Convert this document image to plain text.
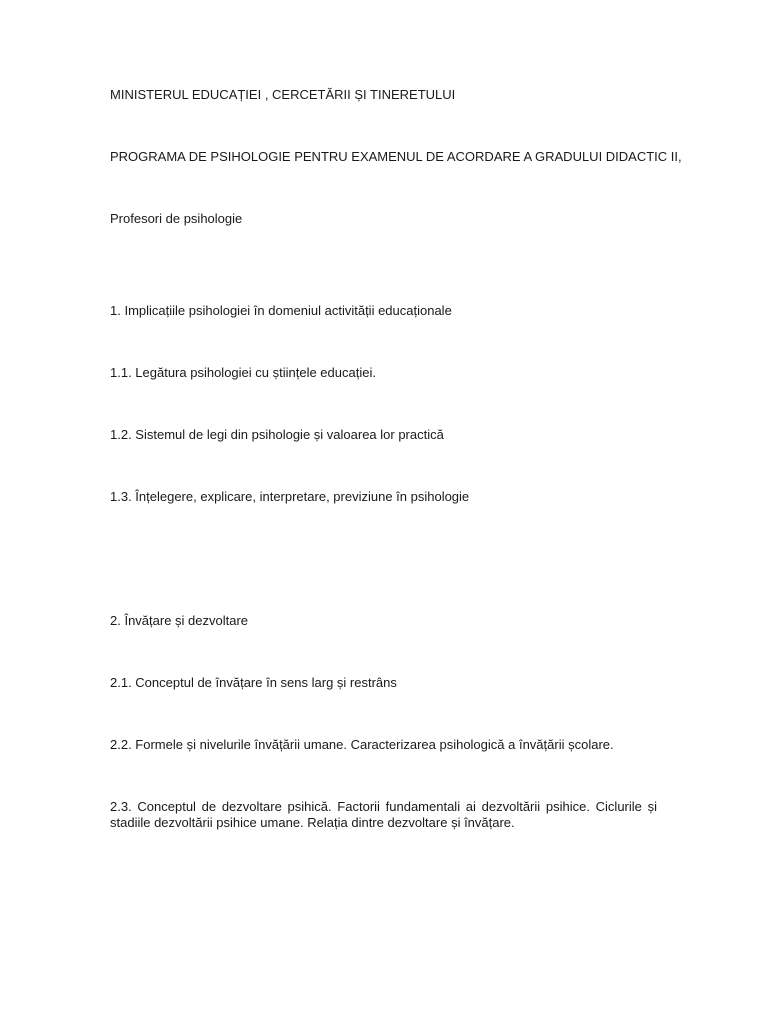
MINISTERUL EDUCAȚIEI , CERCETĂRII ȘI TINERETULUI
PROGRAMA DE PSIHOLOGIE PENTRU EXAMENUL DE ACORDARE A GRADULUI DIDACTIC II,
Profesori de psihologie
1. Implicațiile psihologiei în domeniul activității educaționale
1.1. Legătura psihologiei cu științele educației.
1.2. Sistemul de legi din psihologie și valoarea lor practică
1.3. Înțelegere, explicare, interpretare, previziune în psihologie
2. Învățare și dezvoltare
2.1. Conceptul de învățare în sens larg și restrâns
2.2. Formele și nivelurile învățării umane. Caracterizarea psihologică a învățării școlare.
2.3. Conceptul de dezvoltare psihică. Factorii fundamentali ai dezvoltării psihice. Ciclurile și stadiile dezvoltării psihice umane. Relația dintre dezvoltare și învățare.
